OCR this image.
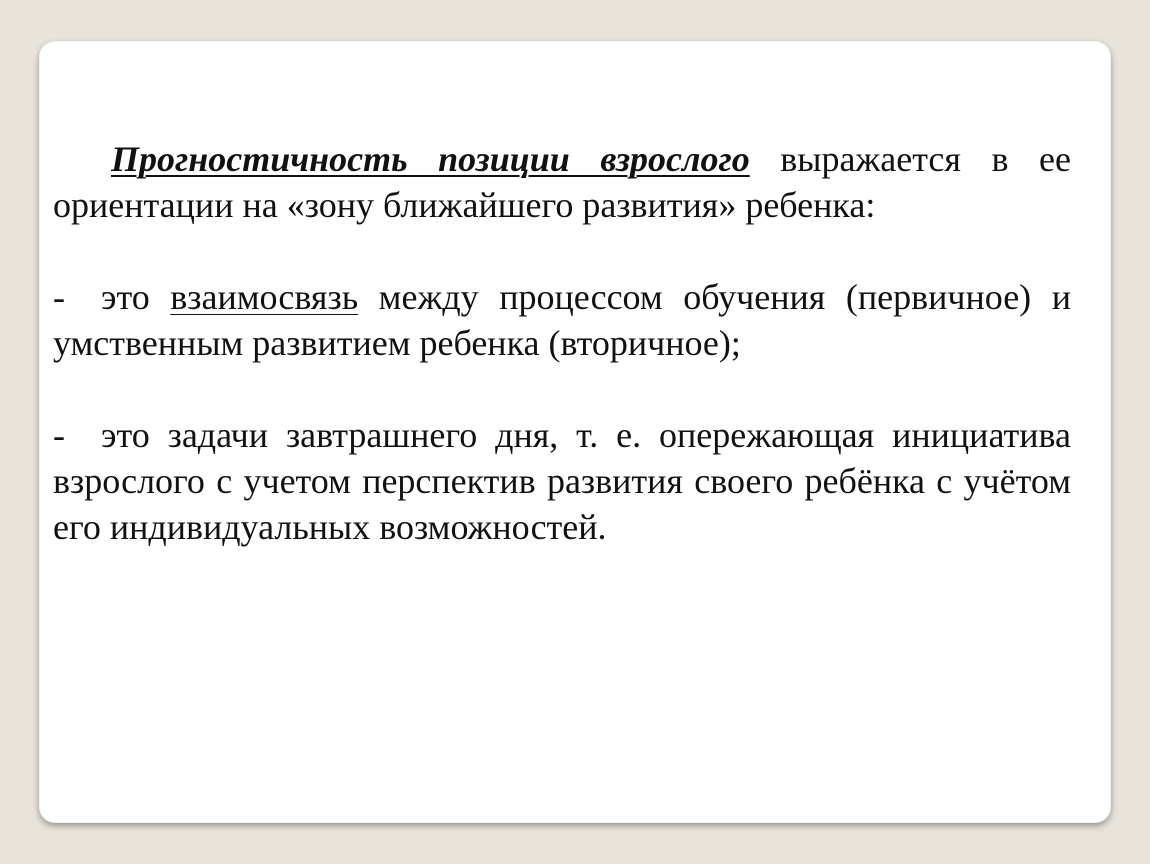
Прогностичность позиции взрослого выражается в ее ориентации на «зону ближайшего развития» ребенка:

- это взаимосвязь между процессом обучения (первичное) и умственным развитием ребенка (вторичное);

- это задачи завтрашнего дня, т. е. опережающая инициатива взрослого с учетом перспектив развития своего ребёнка с учётом его индивидуальных возможностей.
